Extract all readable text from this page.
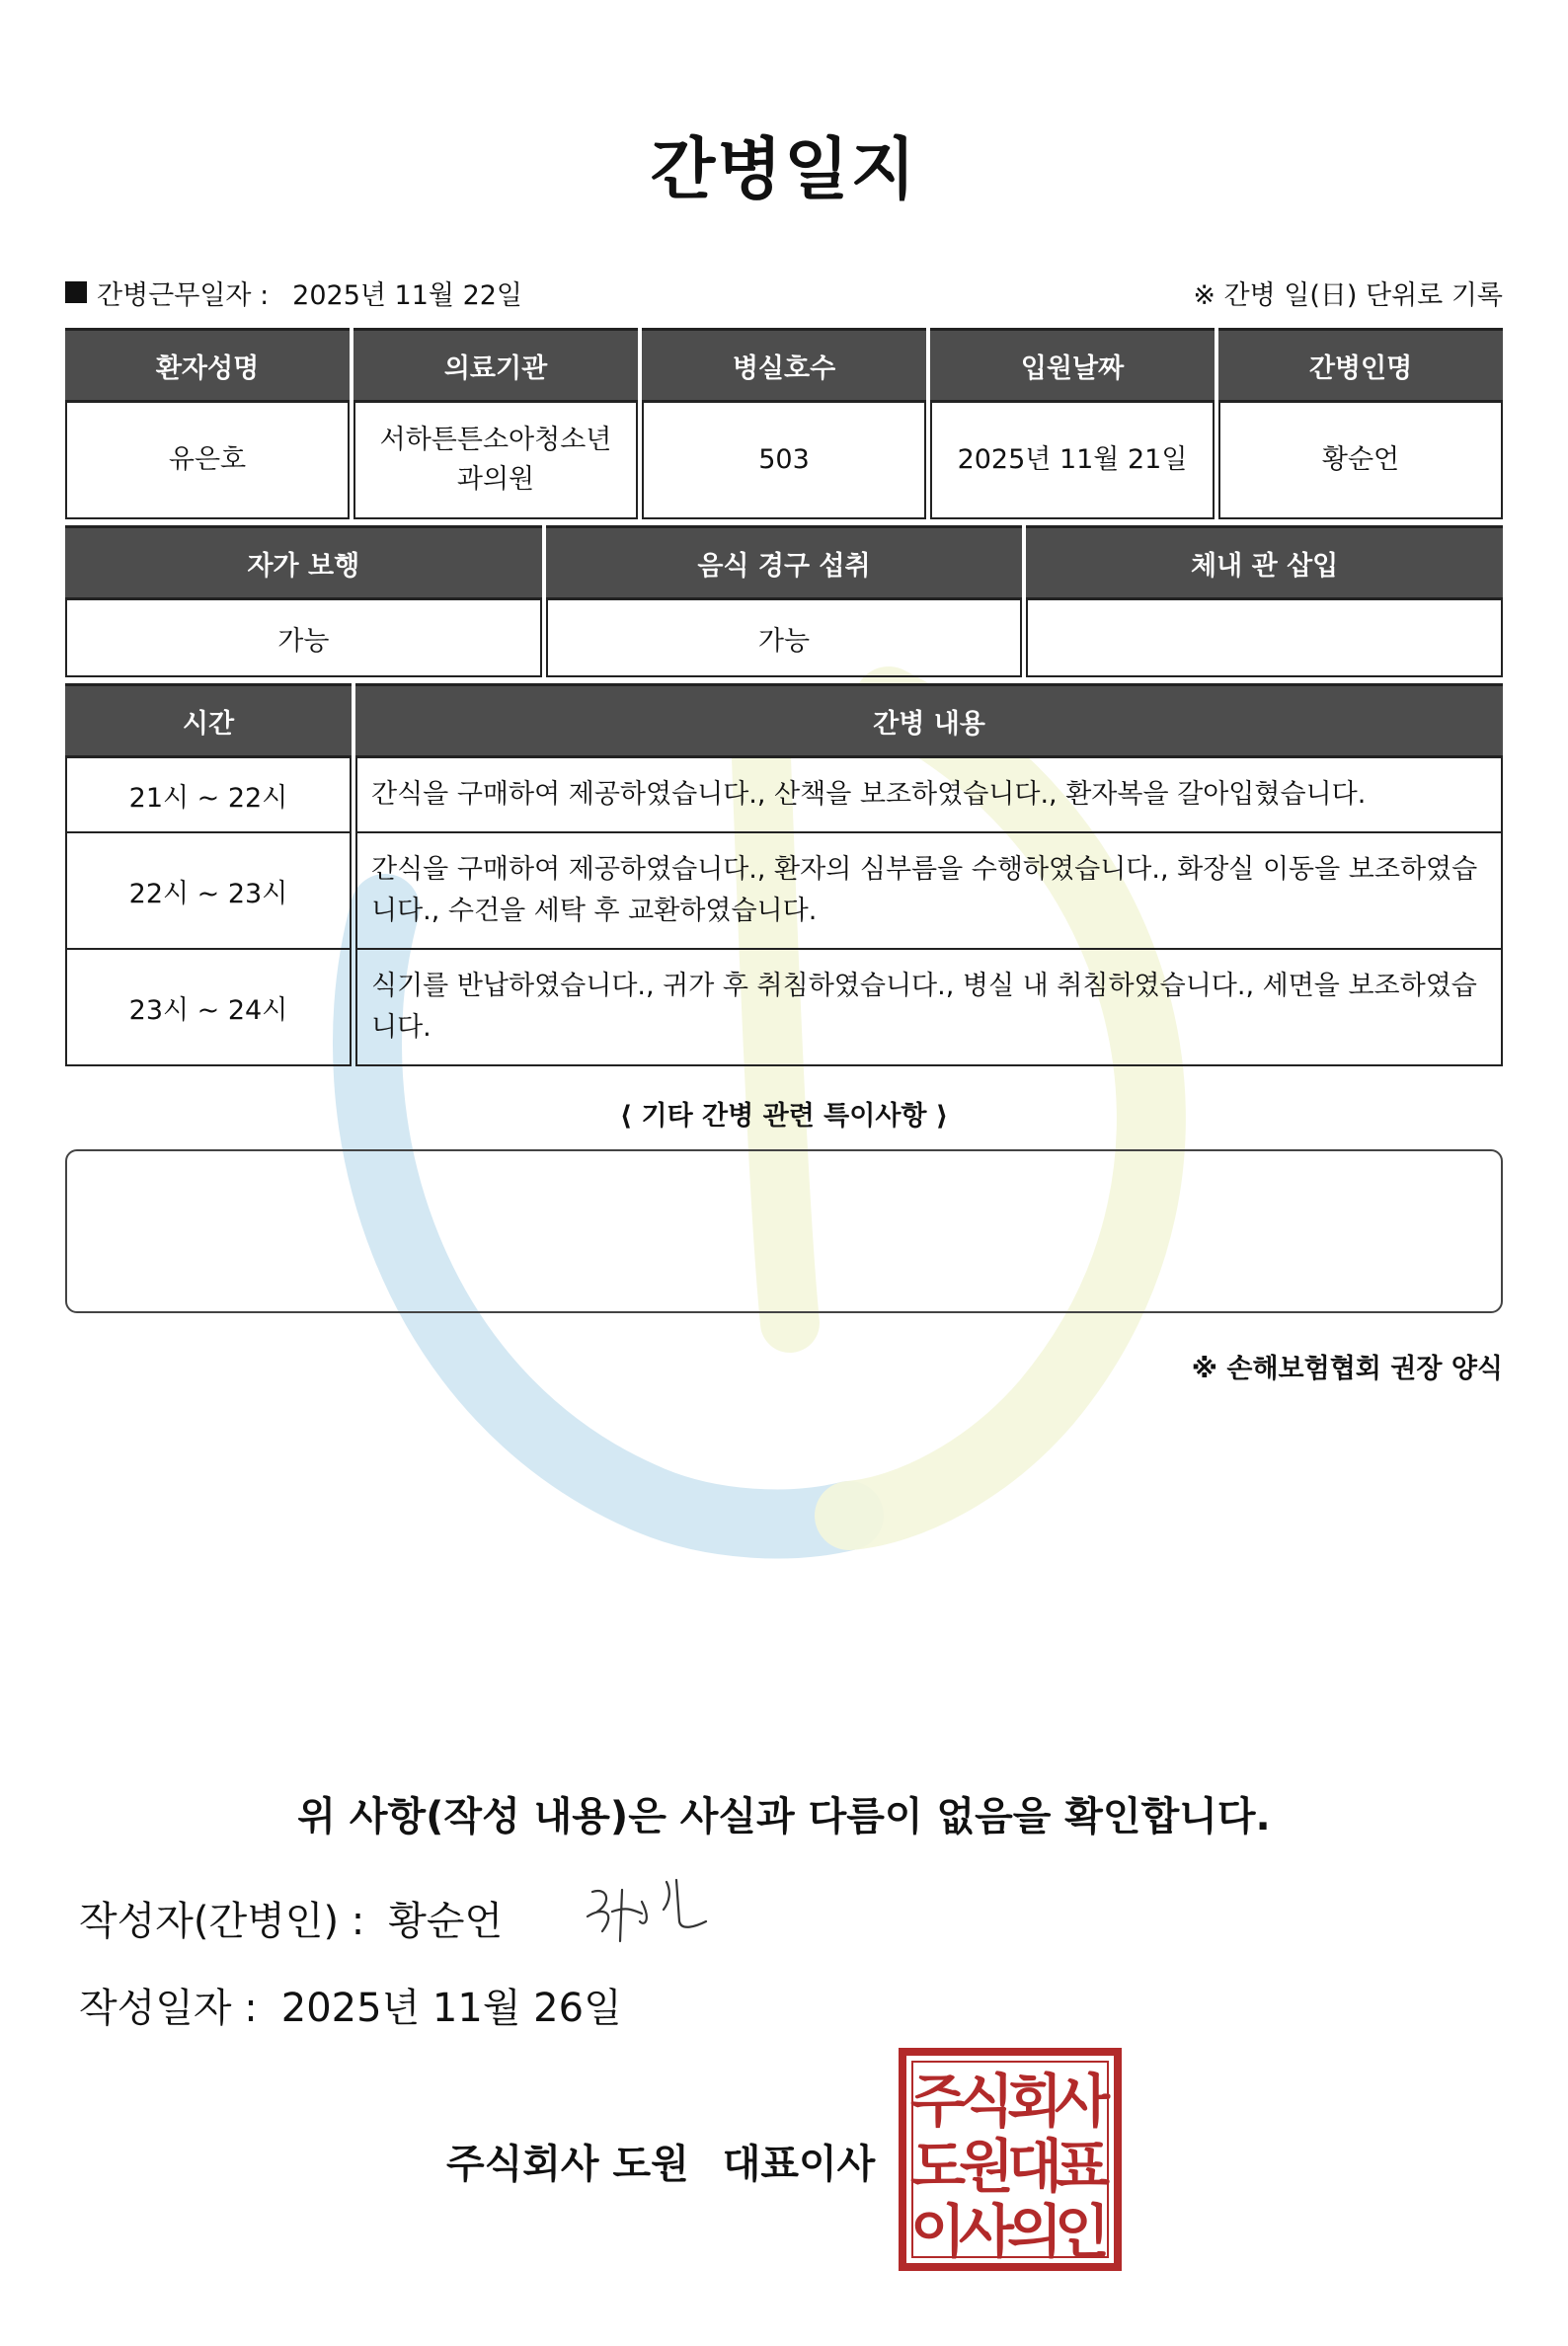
간병일지
간병근무일자 : 2025년 11월 22일	※ 간병 일(日) 단위로 기록
환자성명	의료기관	병실호수	입원날짜	간병인명
유은호	서하튼튼소아청소년과의원	503	2025년 11월 21일	황순언
자가 보행	음식 경구 섭취	체내 관 삽입
가능	가능	
시간	간병 내용
21시 ~ 22시	간식을 구매하여 제공하였습니다., 산책을 보조하였습니다., 환자복을 갈아입혔습니다.
22시 ~ 23시	간식을 구매하여 제공하였습니다., 환자의 심부름을 수행하였습니다., 화장실 이동을 보조하였습니다., 수건을 세탁 후 교환하였습니다.
23시 ~ 24시	식기를 반납하였습니다., 귀가 후 취침하였습니다., 병실 내 취침하였습니다., 세면을 보조하였습니다.
⟨ 기타 간병 관련 특이사항 ⟩
※ 손해보험협회 권장 양식
위 사항(작성 내용)은 사실과 다름이 없음을 확인합니다.
작성자(간병인) : 황순언
작성일자 : 2025년 11월 26일
주식회사 도원 대표이사
주
식
회
사
도
원
대
표
이
사
의
인
